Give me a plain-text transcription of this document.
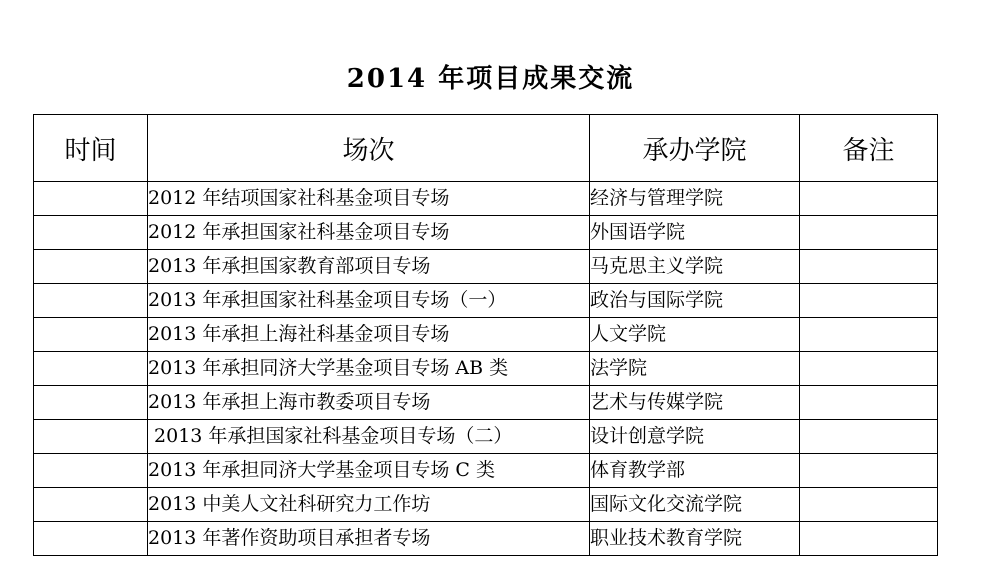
2014 年项目成果交流
时间	场次	承办学院	备注
	2012 年结项国家社科基金项目专场	经济与管理学院	
	2012 年承担国家社科基金项目专场	外国语学院	
	2013 年承担国家教育部项目专场	马克思主义学院	
	2013 年承担国家社科基金项目专场（一）	政治与国际学院	
	2013 年承担上海社科基金项目专场	人文学院	
	2013 年承担同济大学基金项目专场 AB 类	法学院	
	2013 年承担上海市教委项目专场	艺术与传媒学院	
	2013 年承担国家社科基金项目专场（二）	设计创意学院	
	2013 年承担同济大学基金项目专场 C 类	体育教学部	
	2013 中美人文社科研究力工作坊	国际文化交流学院	
	2013 年著作资助项目承担者专场	职业技术教育学院	
